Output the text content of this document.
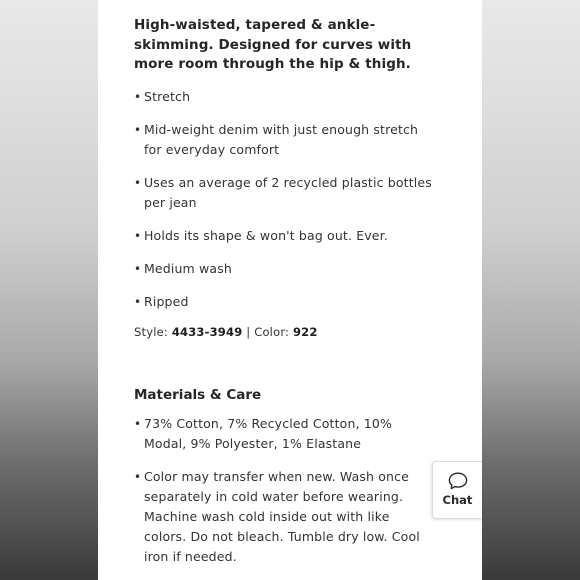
High-waisted, tapered & ankle-skimming. Designed for curves with more room through the hip & thigh.

• Stretch
• Mid-weight denim with just enough stretch for everyday comfort
• Uses an average of 2 recycled plastic bottles per jean
• Holds its shape & won't bag out. Ever.
• Medium wash
• Ripped
Style: 4433-3949 | Color: 922
Materials & Care
• 73% Cotton, 7% Recycled Cotton, 10% Modal, 9% Polyester, 1% Elastane
• Color may transfer when new. Wash once separately in cold water before wearing. Machine wash cold inside out with like colors. Do not bleach. Tumble dry low. Cool iron if needed.
Chat
